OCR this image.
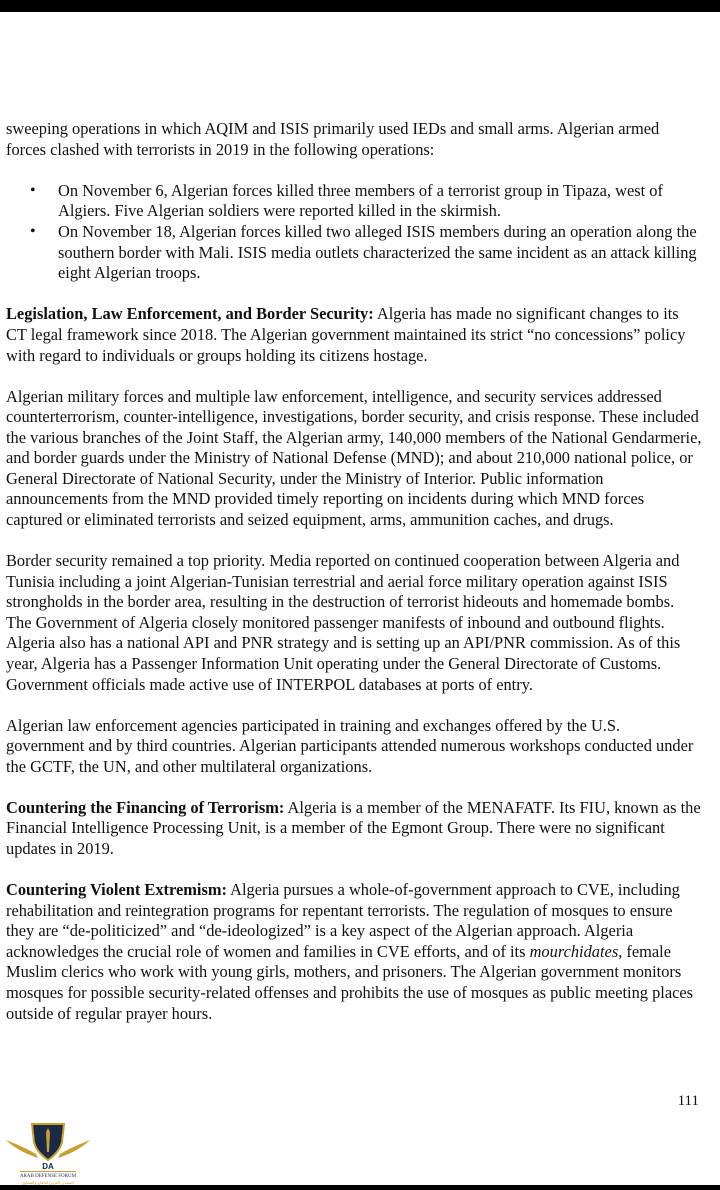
sweeping operations in which AQIM and ISIS primarily used IEDs and small arms. Algerian armed forces clashed with terrorists in 2019 in the following operations:

• On November 6, Algerian forces killed three members of a terrorist group in Tipaza, west of Algiers. Five Algerian soldiers were reported killed in the skirmish.
• On November 18, Algerian forces killed two alleged ISIS members during an operation along the southern border with Mali. ISIS media outlets characterized the same incident as an attack killing eight Algerian troops.

Legislation, Law Enforcement, and Border Security: Algeria has made no significant changes to its CT legal framework since 2018. The Algerian government maintained its strict “no concessions” policy with regard to individuals or groups holding its citizens hostage.

Algerian military forces and multiple law enforcement, intelligence, and security services addressed counterterrorism, counter-intelligence, investigations, border security, and crisis response. These included the various branches of the Joint Staff, the Algerian army, 140,000 members of the National Gendarmerie, and border guards under the Ministry of National Defense (MND); and about 210,000 national police, or General Directorate of National Security, under the Ministry of Interior. Public information announcements from the MND provided timely reporting on incidents during which MND forces captured or eliminated terrorists and seized equipment, arms, ammunition caches, and drugs.

Border security remained a top priority. Media reported on continued cooperation between Algeria and Tunisia including a joint Algerian-Tunisian terrestrial and aerial force military operation against ISIS strongholds in the border area, resulting in the destruction of terrorist hideouts and homemade bombs. The Government of Algeria closely monitored passenger manifests of inbound and outbound flights. Algeria also has a national API and PNR strategy and is setting up an API/PNR commission. As of this year, Algeria has a Passenger Information Unit operating under the General Directorate of Customs. Government officials made active use of INTERPOL databases at ports of entry.

Algerian law enforcement agencies participated in training and exchanges offered by the U.S. government and by third countries. Algerian participants attended numerous workshops conducted under the GCTF, the UN, and other multilateral organizations.

Countering the Financing of Terrorism: Algeria is a member of the MENAFATF. Its FIU, known as the Financial Intelligence Processing Unit, is a member of the Egmont Group. There were no significant updates in 2019.

Countering Violent Extremism: Algeria pursues a whole-of-government approach to CVE, including rehabilitation and reintegration programs for repentant terrorists. The regulation of mosques to ensure they are “de-politicized” and “de-ideologized” is a key aspect of the Algerian approach. Algeria acknowledges the crucial role of women and families in CVE efforts, and of its mourchidates, female Muslim clerics who work with young girls, mothers, and prisoners. The Algerian government monitors mosques for possible security-related offenses and prohibits the use of mosques as public meeting places outside of regular prayer hours.

111
DA
ARAB DEFENSE FORUM
المنتدى العربي للدفاع والتسليح
